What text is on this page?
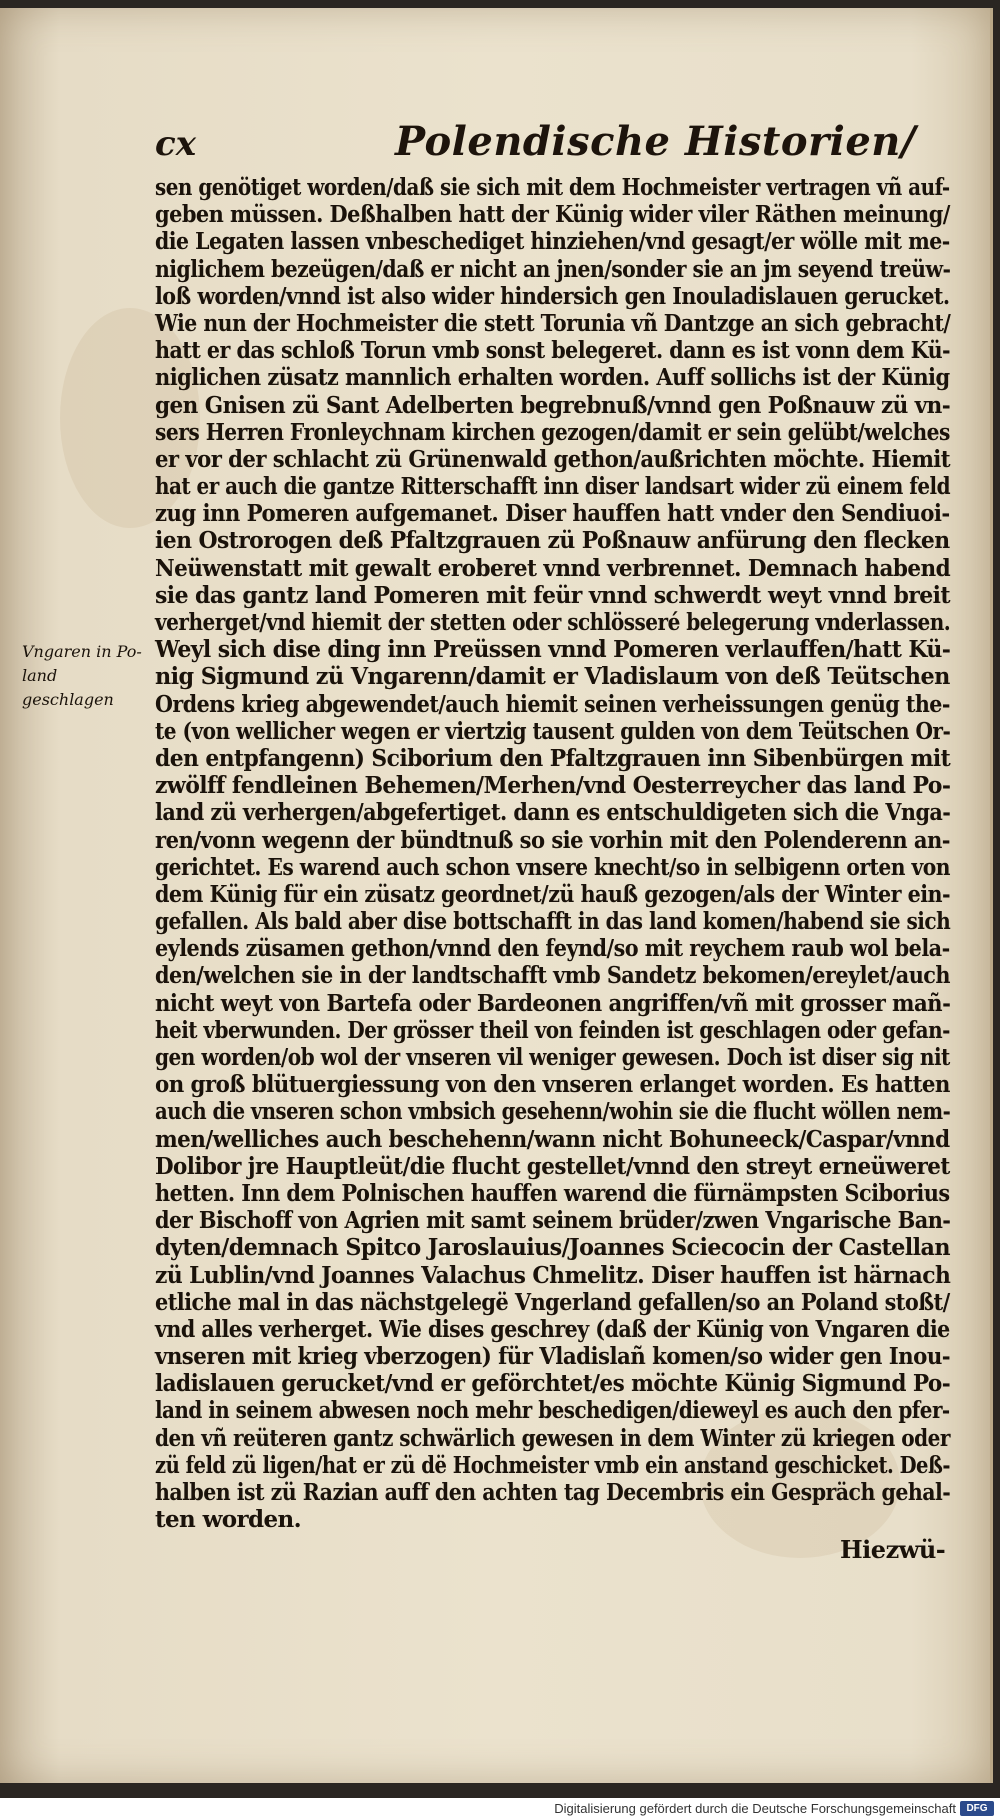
cx	Polendische Historien/
Vngaren in Po-
land geschlagen
sen genötiget worden/daß sie sich mit dem Hochmeister vertragen vñ auf-
geben müssen. Deßhalben hatt der Künig wider viler Räthen meinung/
die Legaten lassen vnbeschediget hinziehen/vnd gesagt/er wölle mit me-
niglichem bezeügen/daß er nicht an jnen/sonder sie an jm seyend treüw-
loß worden/vnnd ist also wider hindersich gen Inouladislauen gerucket.
Wie nun der Hochmeister die stett Torunia vñ Dantzge an sich gebracht/
hatt er das schloß Torun vmb sonst belegeret. dann es ist vonn dem Kü-
niglichen züsatz mannlich erhalten worden. Auff sollichs ist der Künig
gen Gnisen zü Sant Adelberten begrebnuß/vnnd gen Poßnauw zü vn-
sers Herren Fronleychnam kirchen gezogen/damit er sein gelübt/welches
er vor der schlacht zü Grünenwald gethon/außrichten möchte. Hiemit
hat er auch die gantze Ritterschafft inn diser landsart wider zü einem feld
zug inn Pomeren aufgemanet. Diser hauffen hatt vnder den Sendiuoi-
ien Ostrorogen deß Pfaltzgrauen zü Poßnauw anfürung den flecken
Neüwenstatt mit gewalt eroberet vnnd verbrennet. Demnach habend
sie das gantz land Pomeren mit feür vnnd schwerdt weyt vnnd breit
verherget/vnd hiemit der stetten oder schlösseré belegerung vnderlassen.
Weyl sich dise ding inn Preüssen vnnd Pomeren verlauffen/hatt Kü-
nig Sigmund zü Vngarenn/damit er Vladislaum von deß Teütschen
Ordens krieg abgewendet/auch hiemit seinen verheissungen genüg the-
te (von wellicher wegen er viertzig tausent gulden von dem Teütschen Or-
den entpfangenn) Sciborium den Pfaltzgrauen inn Sibenbürgen mit
zwölff fendleinen Behemen/Merhen/vnd Oesterreycher das land Po-
land zü verhergen/abgefertiget. dann es entschuldigeten sich die Vnga-
ren/vonn wegenn der bündtnuß so sie vorhin mit den Polenderenn an-
gerichtet. Es warend auch schon vnsere knecht/so in selbigenn orten von
dem Künig für ein züsatz geordnet/zü hauß gezogen/als der Winter ein-
gefallen. Als bald aber dise bottschafft in das land komen/habend sie sich
eylends züsamen gethon/vnnd den feynd/so mit reychem raub wol bela-
den/welchen sie in der landtschafft vmb Sandetz bekomen/ereylet/auch
nicht weyt von Bartefa oder Bardeonen angriffen/vñ mit grosser mañ-
heit vberwunden. Der grösser theil von feinden ist geschlagen oder gefan-
gen worden/ob wol der vnseren vil weniger gewesen. Doch ist diser sig nit
on groß blütuergiessung von den vnseren erlanget worden. Es hatten
auch die vnseren schon vmbsich gesehenn/wohin sie die flucht wöllen nem-
men/welliches auch beschehenn/wann nicht Bohuneeck/Caspar/vnnd
Dolibor jre Hauptleüt/die flucht gestellet/vnnd den streyt erneüweret
hetten. Inn dem Polnischen hauffen warend die fürnämpsten Sciborius
der Bischoff von Agrien mit samt seinem brüder/zwen Vngarische Ban-
dyten/demnach Spitco Jaroslauius/Joannes Sciecocin der Castellan
zü Lublin/vnd Joannes Valachus Chmelitz. Diser hauffen ist härnach
etliche mal in das nächstgelegë Vngerland gefallen/so an Poland stoßt/
vnd alles verherget. Wie dises geschrey (daß der Künig von Vngaren die
vnseren mit krieg vberzogen) für Vladislañ komen/so wider gen Inou-
ladislauen gerucket/vnd er geförchtet/es möchte Künig Sigmund Po-
land in seinem abwesen noch mehr beschedigen/dieweyl es auch den pfer-
den vñ reüteren gantz schwärlich gewesen in dem Winter zü kriegen oder
zü feld zü ligen/hat er zü dë Hochmeister vmb ein anstand geschicket. Deß-
halben ist zü Razian auff den achten tag Decembris ein Gespräch gehal-
ten worden.
Hiezwü-
Digitalisierung gefördert durch die Deutsche Forschungsgemeinschaft	DFG
